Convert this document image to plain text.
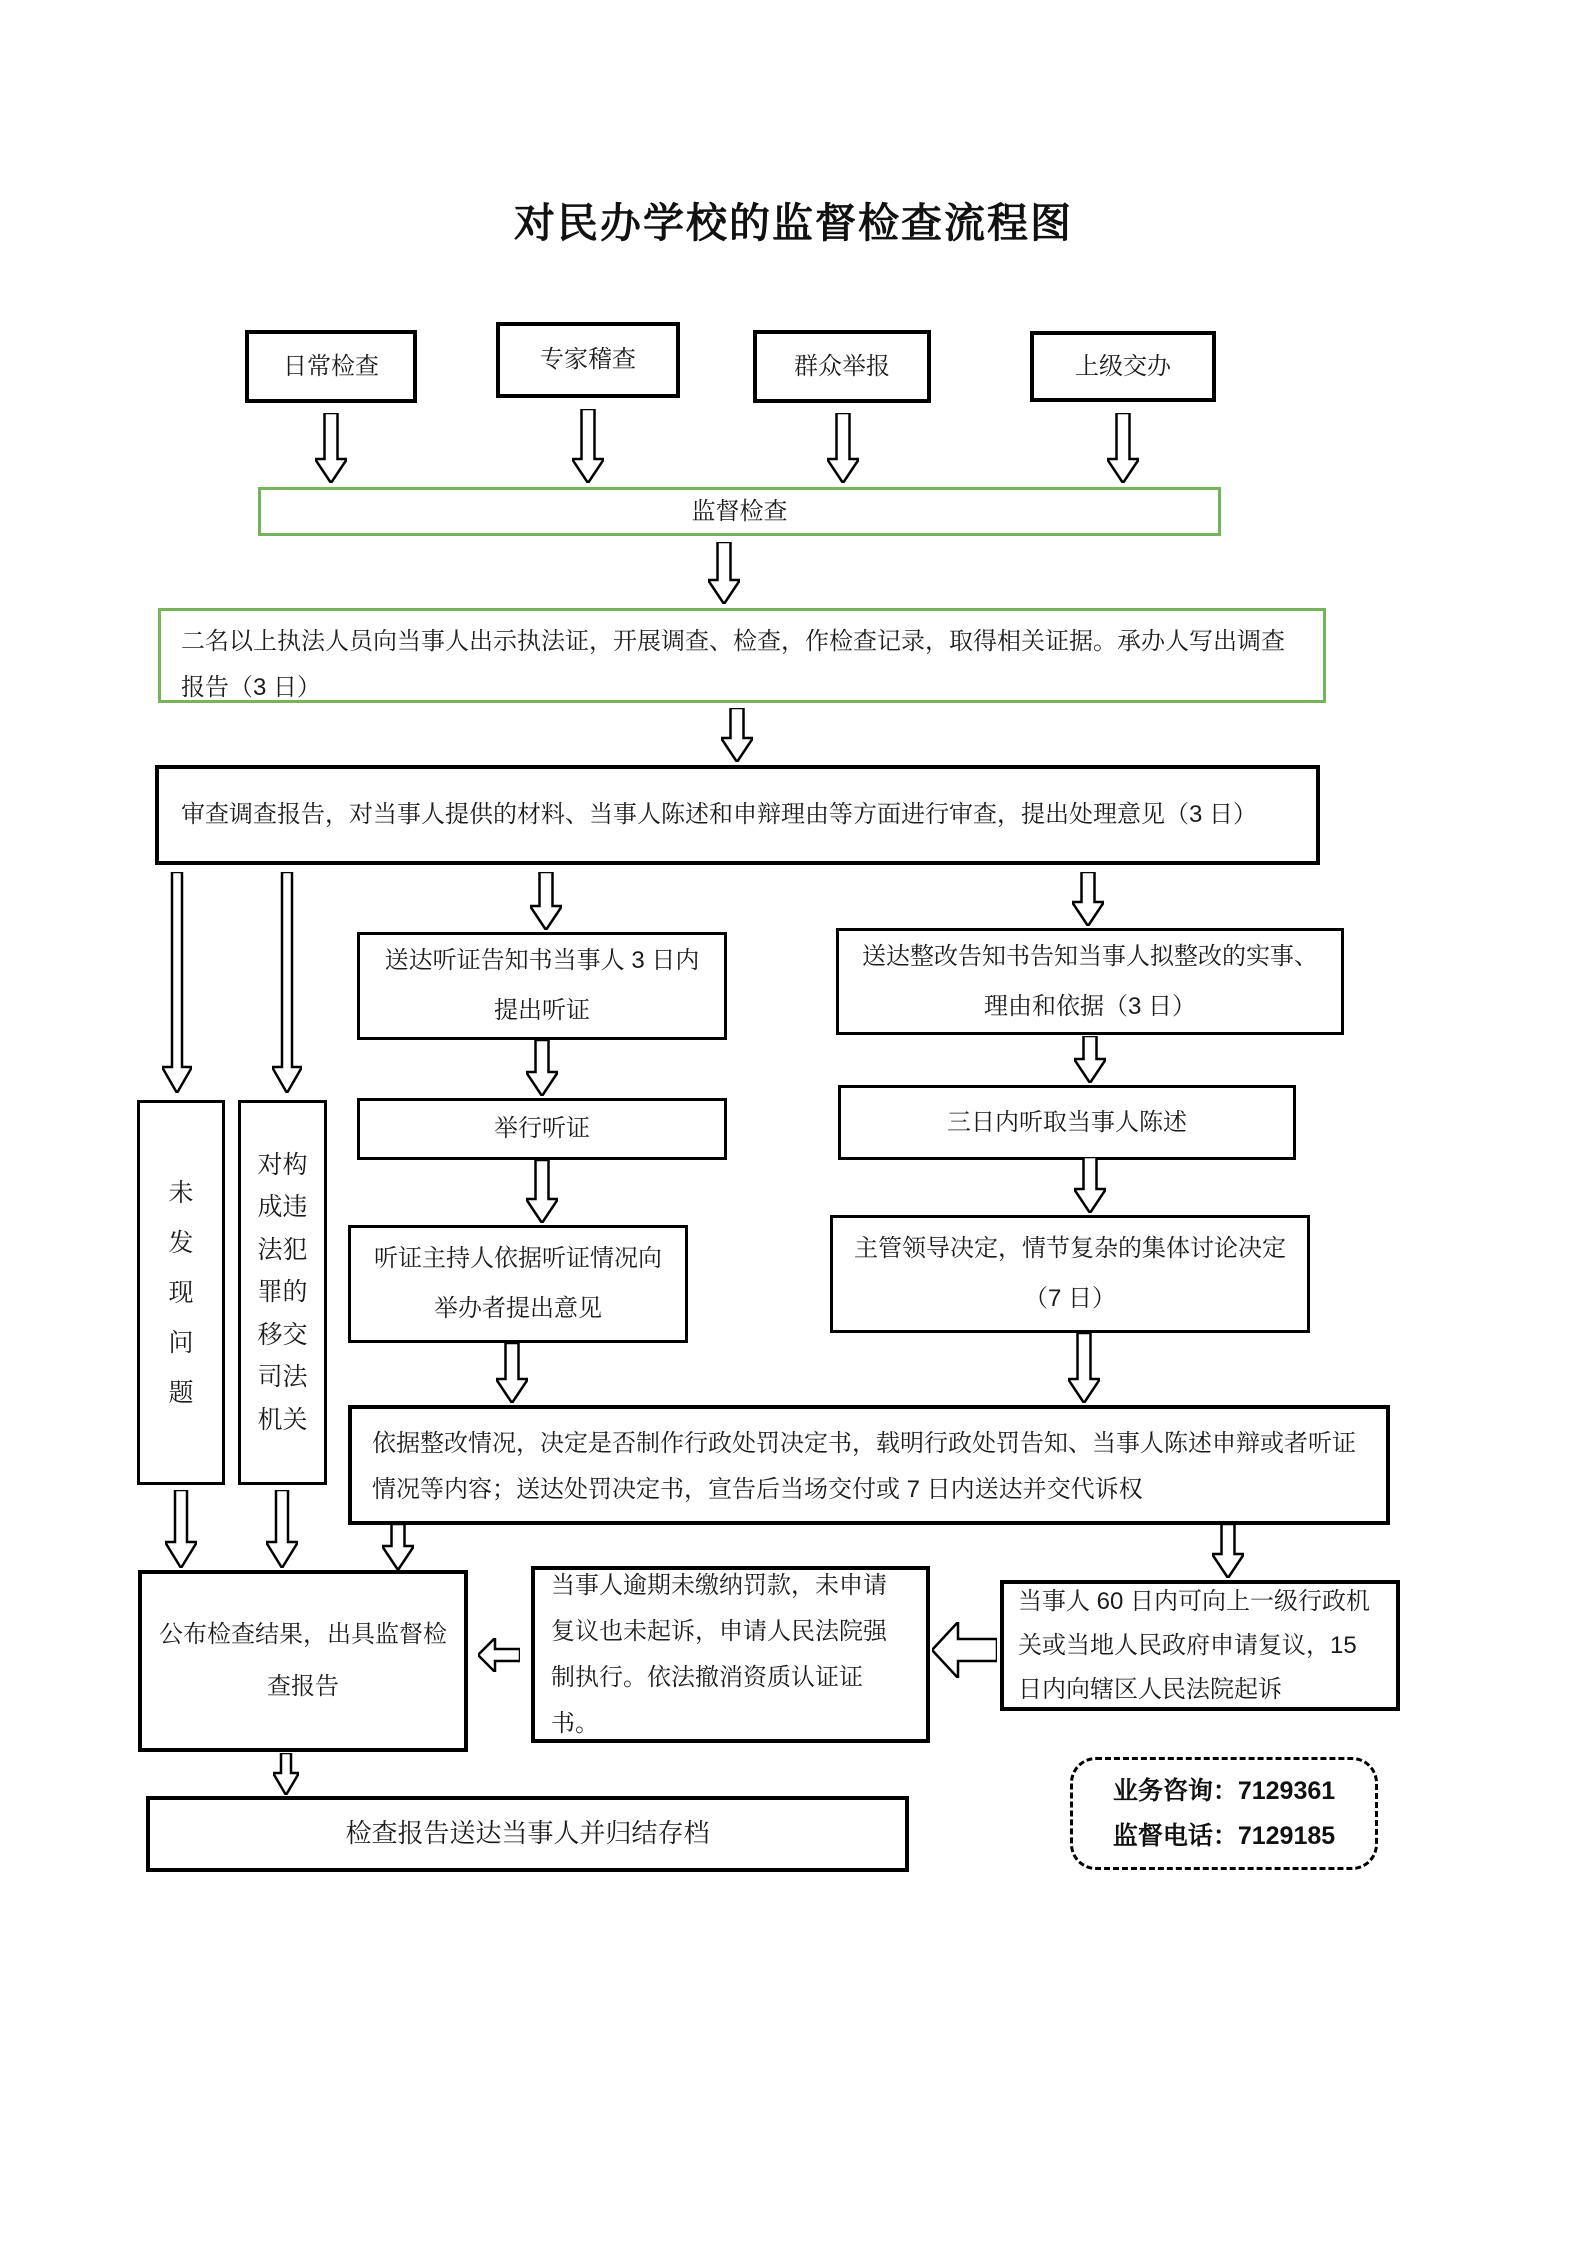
对民办学校的监督检查流程图
日常检查	专家稽查	群众举报	上级交办
监督检查
二名以上执法人员向当事人出示执法证，开展调查、检查，作检查记录，取得相关证据。承办人写出调查报告（3 日）
审查调查报告，对当事人提供的材料、当事人陈述和申辩理由等方面进行审查，提出处理意见（3 日）
送达听证告知书当事人 3 日内提出听证
送达整改告知书告知当事人拟整改的实事、理由和依据（3 日）
举行听证	三日内听取当事人陈述
未发现问题
对构成违法犯罪的移交司法机关
听证主持人依据听证情况向举办者提出意见
主管领导决定，情节复杂的集体讨论决定（7 日）
依据整改情况，决定是否制作行政处罚决定书，载明行政处罚告知、当事人陈述申辩或者听证情况等内容；送达处罚决定书，宣告后当场交付或 7 日内送达并交代诉权
公布检查结果，出具监督检查报告
当事人逾期未缴纳罚款，未申请复议也未起诉，申请人民法院强制执行。依法撤消资质认证证书。
当事人 60 日内可向上一级行政机关或当地人民政府申请复议，15 日内向辖区人民法院起诉
检查报告送达当事人并归结存档
业务咨询：7129361
监督电话：7129185
